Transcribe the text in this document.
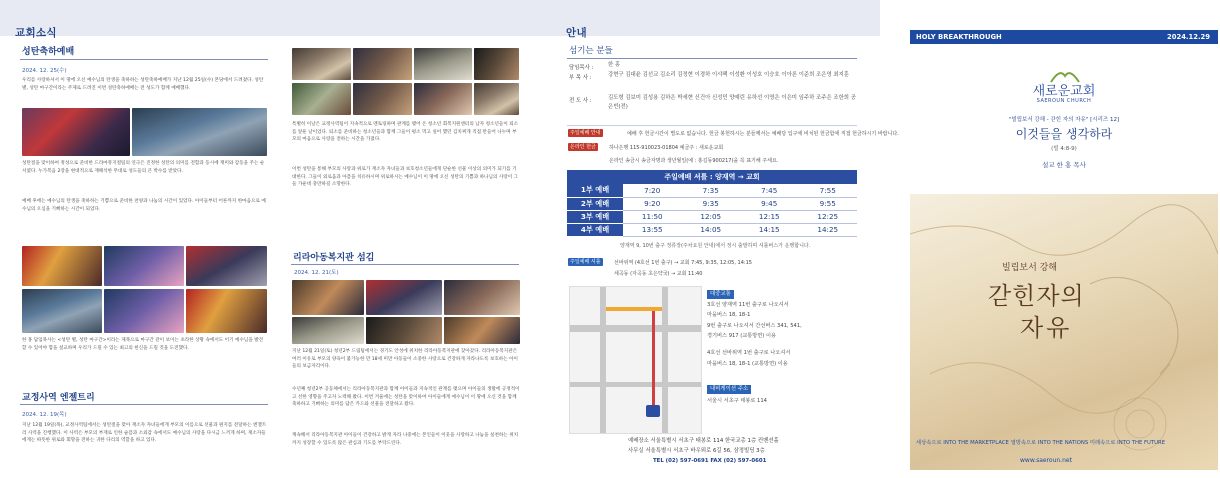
교회소식
성탄축하예배
2024. 12. 25(수)
우리를 사랑하셔서 이 땅에 오신 예수님의 탄생을 축하하는 성탄축하예배가 지난 12월 25일(수) 본당에서 드려졌다. 성탄 별, 성탄 마구간이라는 주제로 드려진 이번 성탄축하예배는 전 성도가 함께 예배했다.
성탄절을 맞이하여 정성으로 준비한 드라마뮤지컬팀의 연극은 진정한 성탄의 의미를 전함과 동시에 재미와 감동을 주는 순서였다. 누가복음 2장을 현대적으로 재해석한 무대로 성도들의 큰 박수를 받았다.
예배 후에는 예수님의 탄생을 축하하는 기쁨으로 준비한 찬양과 나눔의 시간이 있었다. 아이들부터 어른까지 한마음으로 예수님의 오심을 기뻐하는 시간이 되었다.
한 홍 담임목사는 <성탄 별, 성탄 마구간>이라는 제목으로 마구간 같이 보이는 초라한 상황 속에서도 이기 예수님을 발견할 수 있어야 함을 설교하며 우리가 드릴 수 있는 최고의 헌신을 드릴 것을 도전했다.
교정사역 엔젤트리
2024. 12. 19(목)
지난 12월 19일(목), 교정사역팀에서는 성탄절을 맞아 재소자 자녀들에게 부모의 이름으로 선물과 편지를 전달하는 엔젤트리 사역을 진행했다. 이 사역은 부모의 부재로 인한 슬픔과 소외감 속에서도 예수님의 사랑을 다시금 느끼게 하며, 재소자들에게는 따뜻한 위로와 회망을 전하는 귀한 다리의 역할을 하고 있다.
특별히 이날은 교정사역팀이 지속적으로 멘토링하며 관계를 맺어 온 청소년 회복지원센터의 남자 청소년들이 퇴소를 앞둔 날이었다. 퇴소를 준비하는 청소년들과 함께 그들이 평소 먹고 싶어 했던 김치찌개 직접 만들어 나누며 부모의 마음으로 사랑을 전하는 시간을 가졌다.
이번 성탄을 통해 부모의 사랑과 위로가 재소자 자녀들과 보호청소년들에게 단순한 선물 이상의 의미가 되기를 기대한다. 그들이 외로움과 아픔을 치유하시며 위로하시는 예수님이 이 땅에 오신 성탄의 기쁨과 하나님의 사랑이 그들 가운데 충만하길 소망한다.
리라아동복지관 섬김
2024. 12. 21(토)
지난 12월 21일(토) 청년2부 드림팀에서는 경기도 안성에 위치한 리라아동복지관에 찾아갔다. 리라아동복지관은 여러 이유로 부모의 양육이 불가능한 만 18세 미만 아동들이 소중한 사랑으로 건강하게 자라나도록 보호하는 아이들의 보금자리이다.
수년째 청년2부 공동체에서는 리라아동복지관과 함께 아이들과 지속적인 관계를 맺으며 아이들의 생활에 긍정적이고 선한 영향을 주고자 노력해 왔다. 이번 겨울에는 성탄을 맞이하여 아이들에게 예수님이 이 땅에 오신 것을 함께 축하하고 기뻐하는 의미를 담은 카드와 선물을 전달하고 왔다.
계속해서 리라아동복지관 아이들이 건강하고 밝게 자라 나중에는 본인들이 이웃을 사랑하고 나눔을 실천하는 위치까지 성장할 수 있도록 많은 관심과 기도를 부탁드린다.
안내
섬기는 분들
담임목사 :	한 홍
부 목 사 :	강현구 김대윤 김선교 김소리 김정현 이경하 이샤팩 이성환 이성호 이승호 이아론 이준희 조은영 최지훈
전 도 사 :	김도형 김보미 김성용 김하은 박세현 신건아 신성민 양예린 유하선 이영은 이은미 임주하 조주은 조한희 공은빈(전)
주일예배 안내	예배 후 헌금시간이 별도로 없습니다. 헌금 봉헌하시는 분들께서는 예배당 입구에 비치된 헌금함에 직접 헌금하시기 바랍니다.
온라인 헌금	하나은행 115-910023-01804 예금주 : 새로운교회
온라인 송금시 송금자명과 생년월일(예 : 홍길동900217)을 꼭 표기해 주세요.
주일예배 셔틀 : 양재역 → 교회
1부 예배	7:20	7:35	7:45	7:55
2부 예배	9:20	9:35	9:45	9:55
3부 예배	11:50	12:05	12:15	12:25
4부 예배	13:55	14:05	14:15	14:25
양재역 9, 10번 출구 정류장(주차요원 안내)에서 정시 출발하며 셔틀버스가 운행합니다.
주일예배 셔틀	선바위역 (4호선 1번 출구) → 교회 7:45, 9:35, 12:05, 14:15
세곡동 (자곡동 초은약국) → 교회 11:40
대중교통
3호선 양재역 11번 출구로 나오셔서
마을버스 18, 18-1
9번 출구로 나오셔서 간선버스 341, 541,
경기버스 917 (교통방면) 이용
4호선 선바위역 1번 출구로 나오셔서
마을버스 18, 18-1 (교통방면) 이용
내비게이션 주소
서울시 서초구 태봉로 114
예배장소 서울특별시 서초구 태봉로 114 한국교총 1층 컨벤션홀
사무실 서울특별시 서초구 바우뫼로 6길 56, 삼정빌딩 3층
TEL (02) 597-0691 FAX (02) 597-0601
HOLY BREAKTHROUGH	2024.12.29
새로운교회
SAEROUN CHURCH
"빌립보서 강해 - 갇힌 자의 자유" [시리즈 12]
이것들을 생각하라
(빌 4:8-9)
설교 한 홍 목사
빌립보서 강해
갇힌자의
자유
세상속으로 INTO THE MARKETPLACE 열방속으로 INTO THE NATIONS 미래속으로 INTO THE FUTURE
www.saeroun.net
